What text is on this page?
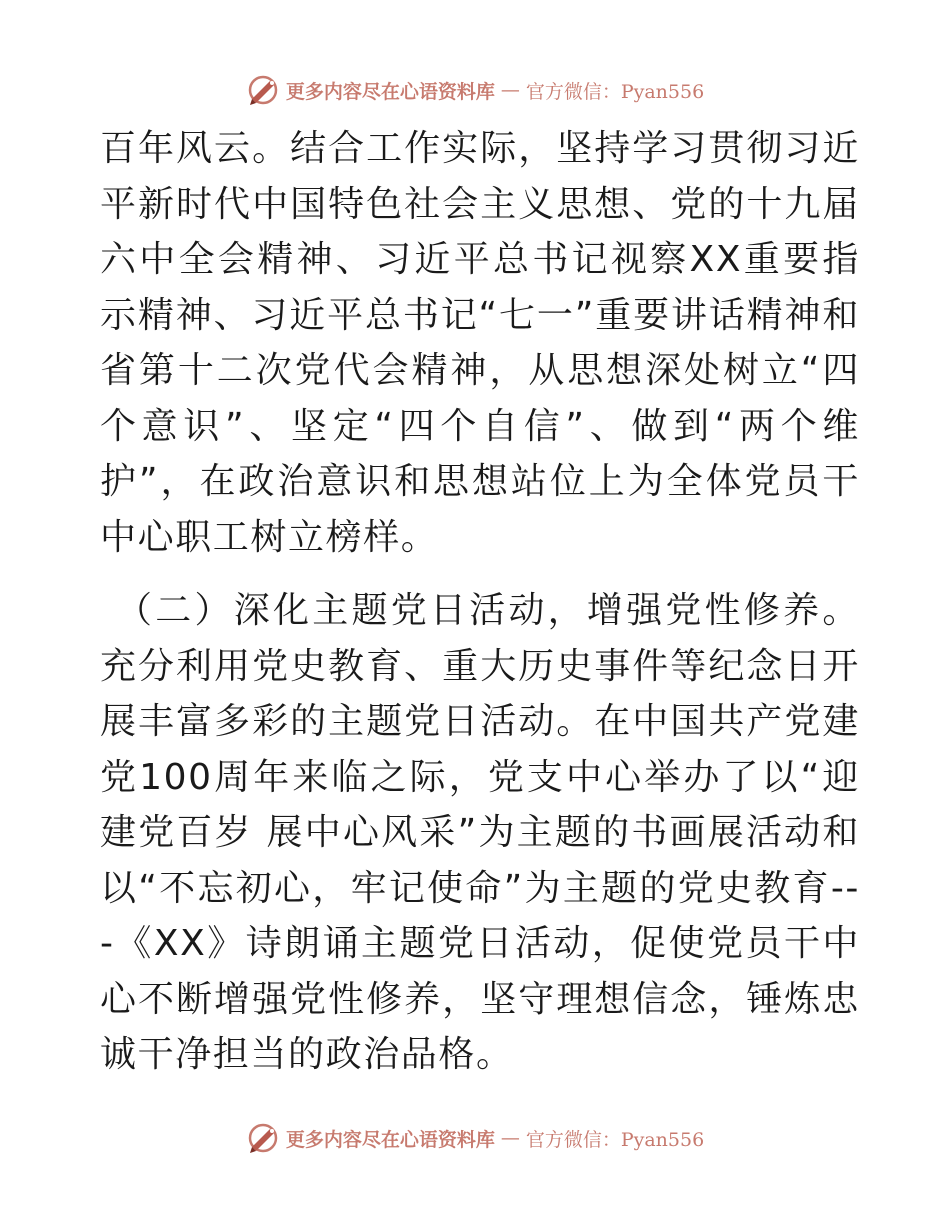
更多内容尽在心语资料库 — 官方微信：Pyan556

百年风云。结合工作实际，坚持学习贯彻习近平新时代中国特色社会主义思想、党的十九届六中全会精神、习近平总书记视察XX重要指示精神、习近平总书记“七一”重要讲话精神和省第十二次党代会精神，从思想深处树立“四个意识”、坚定“四个自信”、做到“两个维护”，在政治意识和思想站位上为全体党员干中心职工树立榜样。

（二）深化主题党日活动，增强党性修养。充分利用党史教育、重大历史事件等纪念日开展丰富多彩的主题党日活动。在中国共产党建党100周年来临之际，党支中心举办了以“迎建党百岁 展中心风采”为主题的书画展活动和以“不忘初心，牢记使命”为主题的党史教育---《XX》诗朗诵主题党日活动，促使党员干中心不断增强党性修养，坚守理想信念，锤炼忠诚干净担当的政治品格。

更多内容尽在心语资料库 — 官方微信：Pyan556
